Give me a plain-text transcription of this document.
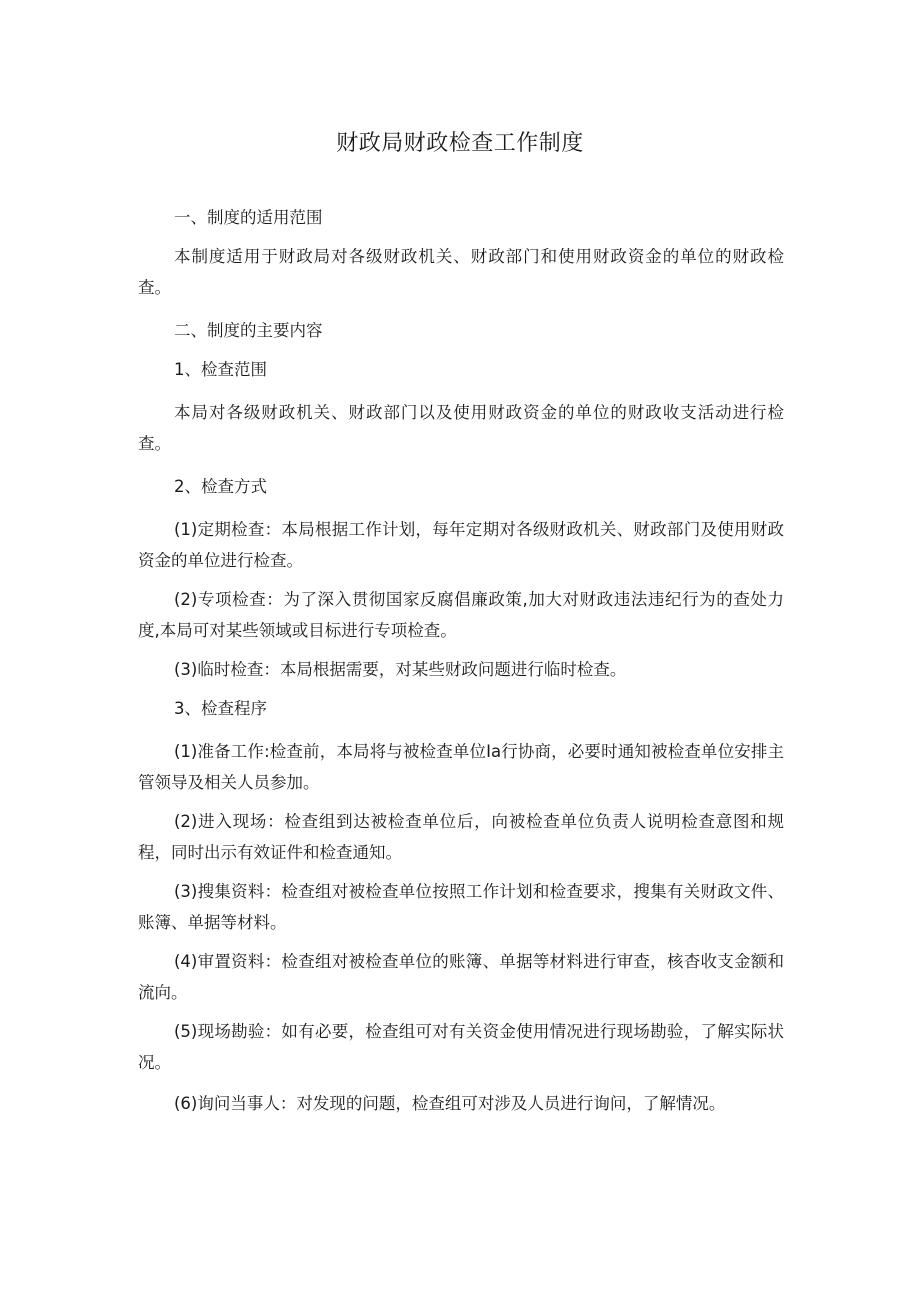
财政局财政检查工作制度

一、制度的适用范围

本制度适用于财政局对各级财政机关、财政部门和使用财政资金的单位的财政检查。

二、制度的主要内容

1、检查范围

本局对各级财政机关、财政部门以及使用财政资金的单位的财政收支活动进行检查。

2、检查方式

(1)定期检查：本局根据工作计划，每年定期对各级财政机关、财政部门及使用财政资金的单位进行检查。

(2)专项检查：为了深入贯彻国家反腐倡廉政策,加大对财政违法违纪行为的查处力度,本局可对某些领域或目标进行专项检查。

(3)临时检查：本局根据需要，对某些财政问题进行临时检查。

3、检查程序

(1)准备工作:检查前，本局将与被检查单位Ia行协商，必要时通知被检查单位安排主管领导及相关人员参加。

(2)进入现场：检查组到达被检查单位后，向被检查单位负责人说明检查意图和规程，同时出示有效证件和检查通知。

(3)搜集资料：检查组对被检查单位按照工作计划和检查要求，搜集有关财政文件、账簿、单据等材料。

(4)审置资料：检查组对被检查单位的账簿、单据等材料进行审查，核杳收支金额和流向。

(5)现场勘验：如有必要，检查组可对有关资金使用情况进行现场勘验，了解实际状况。

(6)询问当事人：对发现的问题，检查组可对涉及人员进行询问，了解情况。
